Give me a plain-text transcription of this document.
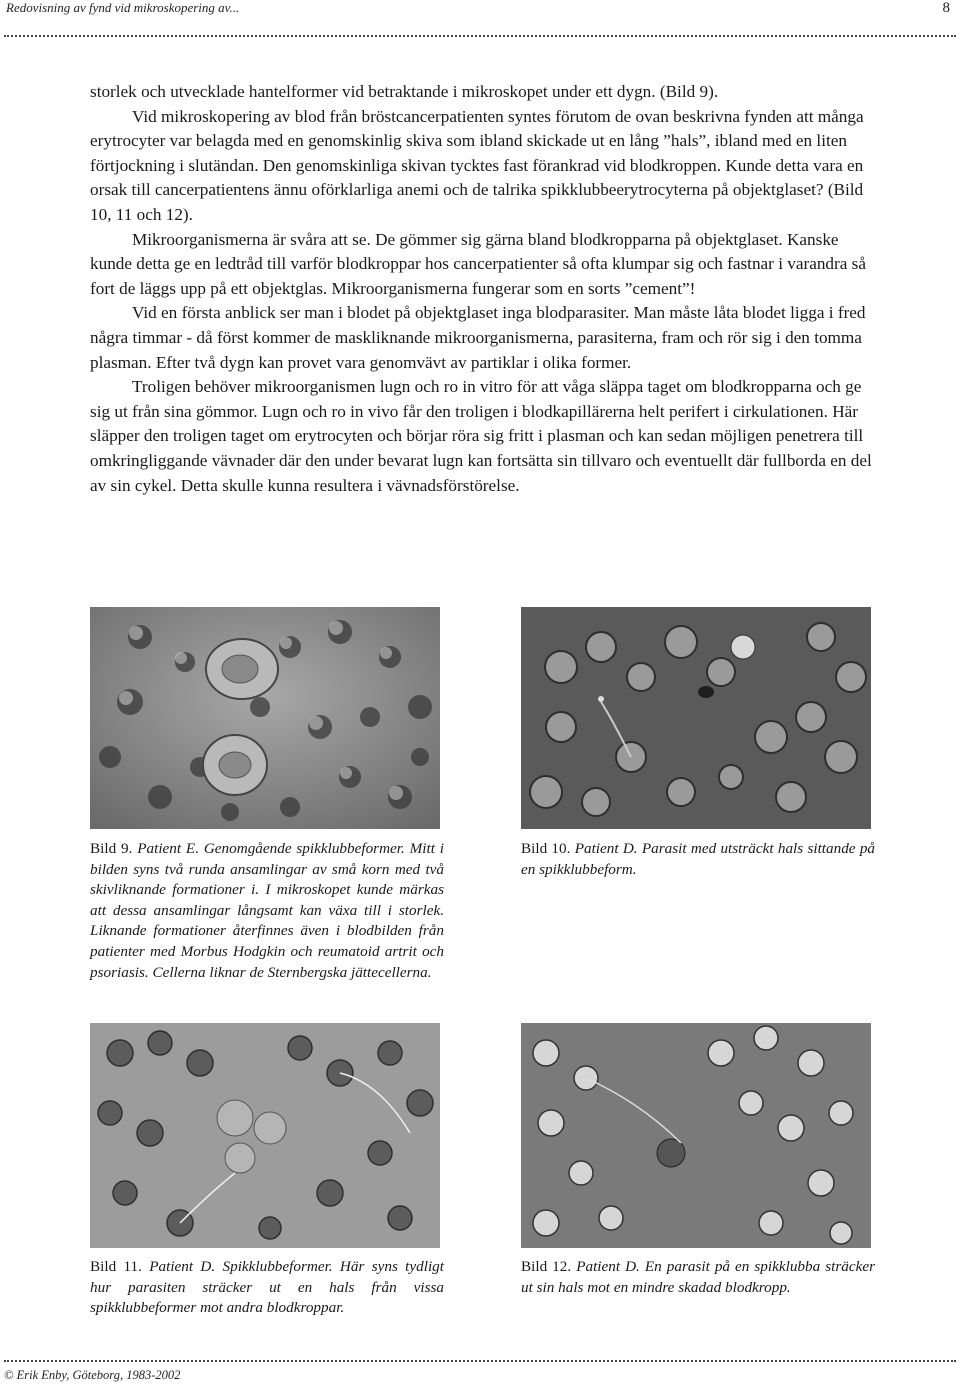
Redovisning av fynd vid mikroskopering av...	8

storlek och utvecklade hantelformer vid betraktande i mikroskopet under ett dygn. (Bild 9).

Vid mikroskopering av blod från bröstcancerpatienten syntes förutom de ovan beskrivna fynden att många erytrocyter var belagda med en genomskinlig skiva som ibland skickade ut en lång ”hals”, ibland med en liten förtjockning i slutändan. Den genomskinliga skivan tycktes fast förankrad vid blodkroppen. Kunde detta vara en orsak till cancerpatientens ännu oförklarliga anemi och de talrika spikklubbeerytrocyterna på objektglaset? (Bild 10, 11 och 12).

Mikroorganismerna är svåra att se. De gömmer sig gärna bland blodkropparna på objektglaset. Kanske kunde detta ge en ledtråd till varför blodkroppar hos cancerpatienter så ofta klumpar sig och fastnar i varandra så fort de läggs upp på ett objektglas. Mikroorganismerna fungerar som en sorts ”cement”!

Vid en första anblick ser man i blodet på objektglaset inga blodparasiter. Man måste låta blodet ligga i fred några timmar - då först kommer de maskliknande mikroorganismerna, parasiterna, fram och rör sig i den tomma plasman. Efter två dygn kan provet vara genomvävt av partiklar i olika former.

Troligen behöver mikroorganismen lugn och ro in vitro för att våga släppa taget om blodkropparna och ge sig ut från sina gömmor. Lugn och ro in vivo får den troligen i blodkapillärerna helt perifert i cirkulationen. Här släpper den troligen taget om erytrocyten och börjar röra sig fritt i plasman och kan sedan möjligen penetrera till omkringliggande vävnader där den under bevarat lugn kan fortsätta sin tillvaro och eventuellt där fullborda en del av sin cykel. Detta skulle kunna resultera i vävnadsförstörelse.

Bild 9. Patient E. Genomgående spikklubbeformer. Mitt i bilden syns två runda ansamlingar av små korn med två skivliknande formationer i. I mikroskopet kunde märkas att dessa ansamlingar långsamt kan växa till i storlek. Liknande formationer återfinnes även i blodbilden från patienter med Morbus Hodgkin och reumatoid artrit och psoriasis. Cellerna liknar de Sternbergska jättecellerna.
Bild 10. Patient D. Parasit med utsträckt hals sittande på en spikklubbeform.
Bild 11. Patient D. Spikklubbeformer. Här syns tydligt hur parasiten sträcker ut en hals från vissa spikklubbeformer mot andra blodkroppar.
Bild 12. Patient D. En parasit på en spikklubba sträcker ut sin hals mot en mindre skadad blodkropp.
© Erik Enby, Göteborg, 1983-2002
